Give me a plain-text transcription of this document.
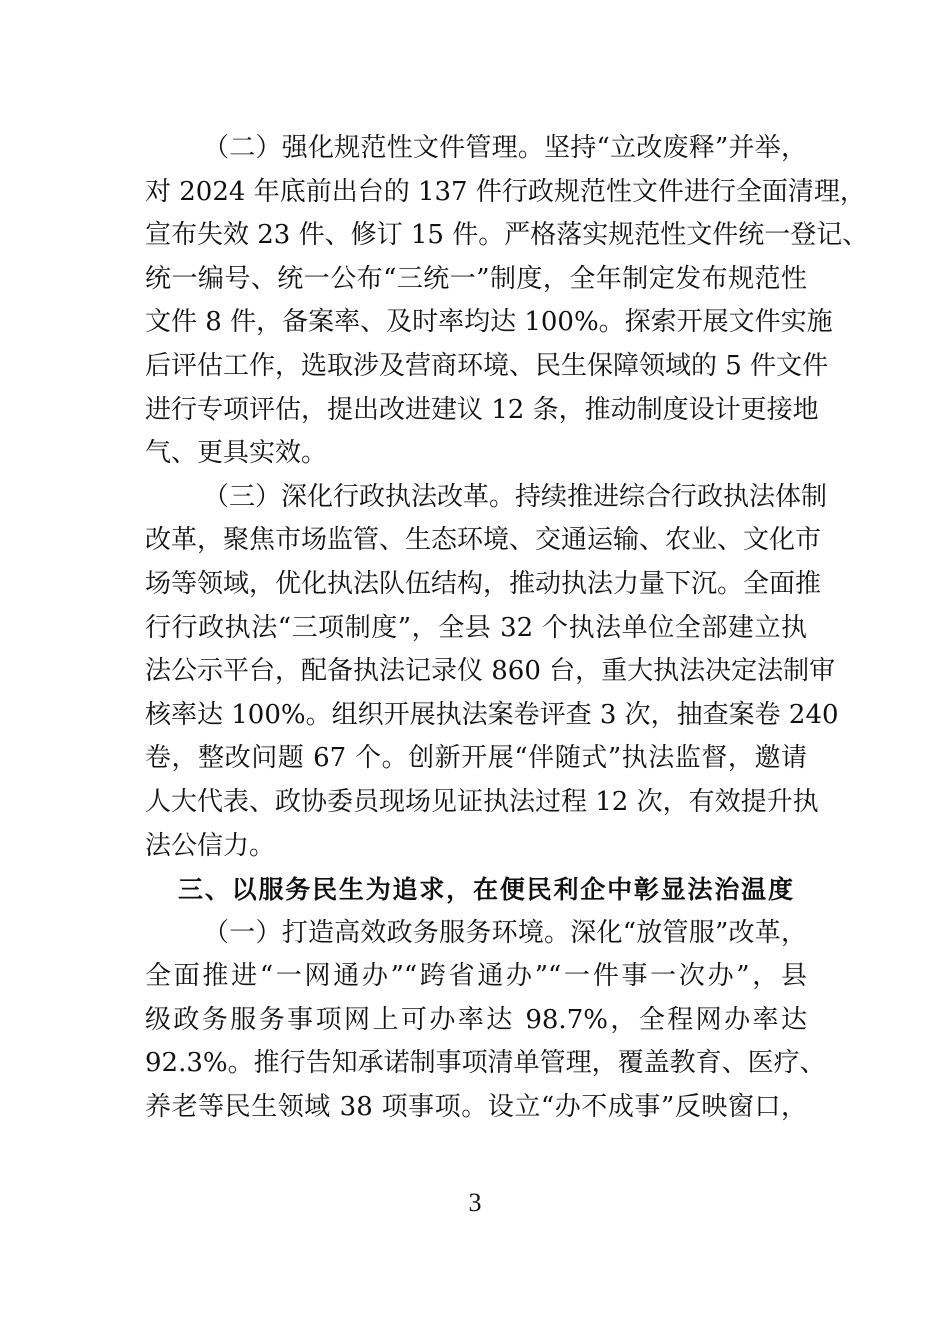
（二）强化规范性文件管理。坚持“立改废释”并举，
对 2024 年底前出台的 137 件行政规范性文件进行全面清理，
宣布失效 23 件、修订 15 件。严格落实规范性文件统一登记、
统一编号、统一公布“三统一”制度，全年制定发布规范性
文件 8 件，备案率、及时率均达 100%。探索开展文件实施
后评估工作，选取涉及营商环境、民生保障领域的 5 件文件
进行专项评估，提出改进建议 12 条，推动制度设计更接地
气、更具实效。
（三）深化行政执法改革。持续推进综合行政执法体制
改革，聚焦市场监管、生态环境、交通运输、农业、文化市
场等领域，优化执法队伍结构，推动执法力量下沉。全面推
行行政执法“三项制度”，全县 32 个执法单位全部建立执
法公示平台，配备执法记录仪 860 台，重大执法决定法制审
核率达 100%。组织开展执法案卷评查 3 次，抽查案卷 240
卷，整改问题 67 个。创新开展“伴随式”执法监督，邀请
人大代表、政协委员现场见证执法过程 12 次，有效提升执
法公信力。
三、以服务民生为追求，在便民利企中彰显法治温度
（一）打造高效政务服务环境。深化“放管服”改革，
全面推进“一网通办”“跨省通办”“一件事一次办”，县
级政务服务事项网上可办率达 98.7%，全程网办率达
92.3%。推行告知承诺制事项清单管理，覆盖教育、医疗、
养老等民生领域 38 项事项。设立“办不成事”反映窗口，
3
